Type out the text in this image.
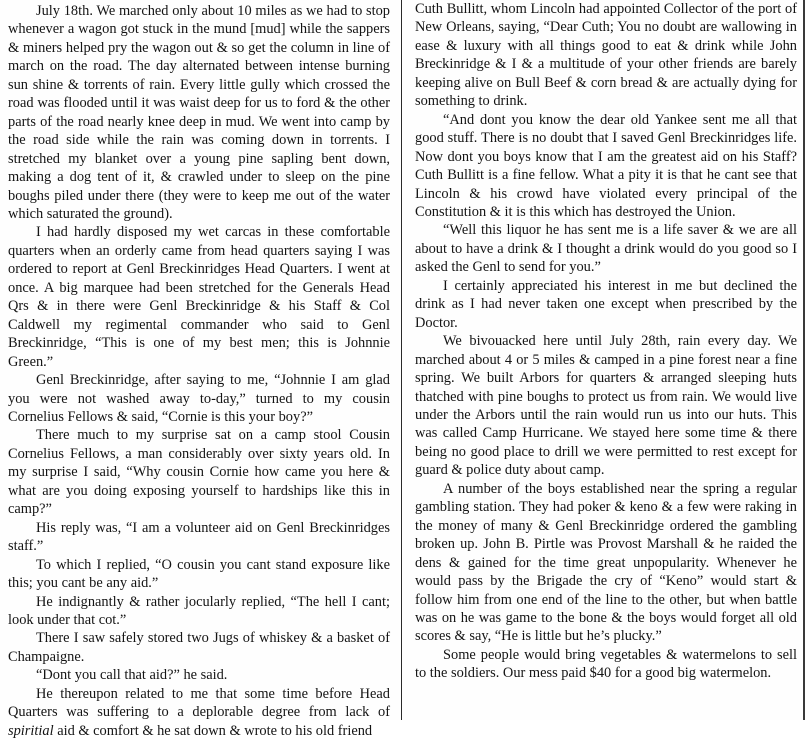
July 18th. We marched only about 10 miles as we had to stop whenever a wagon got stuck in the mund [mud] while the sappers & miners helped pry the wagon out & so get the column in line of march on the road. The day alternated between intense burning sun shine & torrents of rain. Every little gully which crossed the road was flooded until it was waist deep for us to ford & the other parts of the road nearly knee deep in mud. We went into camp by the road side while the rain was coming down in torrents. I stretched my blanket over a young pine sapling bent down, making a dog tent of it, & crawled under to sleep on the pine boughs piled under there (they were to keep me out of the water which saturated the ground).

I had hardly disposed my wet carcas in these comfortable quarters when an orderly came from head quarters saying I was ordered to report at Genl Breckinridges Head Quarters. I went at once. A big marquee had been stretched for the Generals Head Qrs & in there were Genl Breckinridge & his Staff & Col Caldwell my regimental commander who said to Genl Breckinridge, “This is one of my best men; this is Johnnie Green.”

Genl Breckinridge, after saying to me, “Johnnie I am glad you were not washed away to-day,” turned to my cousin Cornelius Fellows & said, “Cornie is this your boy?”

There much to my surprise sat on a camp stool Cousin Cornelius Fellows, a man considerably over sixty years old. In my surprise I said, “Why cousin Cornie how came you here & what are you doing exposing yourself to hardships like this in camp?”

His reply was, “I am a volunteer aid on Genl Breckinridges staff.”

To which I replied, “O cousin you cant stand exposure like this; you cant be any aid.”

He indignantly & rather jocularly replied, “The hell I cant; look under that cot.”

There I saw safely stored two Jugs of whiskey & a basket of Champaigne.

“Dont you call that aid?” he said.

He thereupon related to me that some time before Head Quarters was suffering to a deplorable degree from lack of spiritial aid & comfort & he sat down & wrote to his old friend

Cuth Bullitt, whom Lincoln had appointed Collector of the port of New Orleans, saying, “Dear Cuth; You no doubt are wallowing in ease & luxury with all things good to eat & drink while John Breckinridge & I & a multitude of your other friends are barely keeping alive on Bull Beef & corn bread & are actually dying for something to drink.

“And dont you know the dear old Yankee sent me all that good stuff. There is no doubt that I saved Genl Breckinridges life. Now dont you boys know that I am the greatest aid on his Staff? Cuth Bullitt is a fine fellow. What a pity it is that he cant see that Lincoln & his crowd have violated every principal of the Constitution & it is this which has destroyed the Union.

“Well this liquor he has sent me is a life saver & we are all about to have a drink & I thought a drink would do you good so I asked the Genl to send for you.”

I certainly appreciated his interest in me but declined the drink as I had never taken one except when prescribed by the Doctor.

We bivouacked here until July 28th, rain every day. We marched about 4 or 5 miles & camped in a pine forest near a fine spring. We built Arbors for quarters & arranged sleeping huts thatched with pine boughs to protect us from rain. We would live under the Arbors until the rain would run us into our huts. This was called Camp Hurricane. We stayed here some time & there being no good place to drill we were permitted to rest except for guard & police duty about camp.

A number of the boys established near the spring a regular gambling station. They had poker & keno & a few were raking in the money of many & Genl Breckinridge ordered the gambling broken up. John B. Pirtle was Provost Marshall & he raided the dens & gained for the time great unpopularity. Whenever he would pass by the Brigade the cry of “Keno” would start & follow him from one end of the line to the other, but when battle was on he was game to the bone & the boys would forget all old scores & say, “He is little but he’s plucky.”

Some people would bring vegetables & watermelons to sell to the soldiers. Our mess paid $40 for a good big watermelon.
